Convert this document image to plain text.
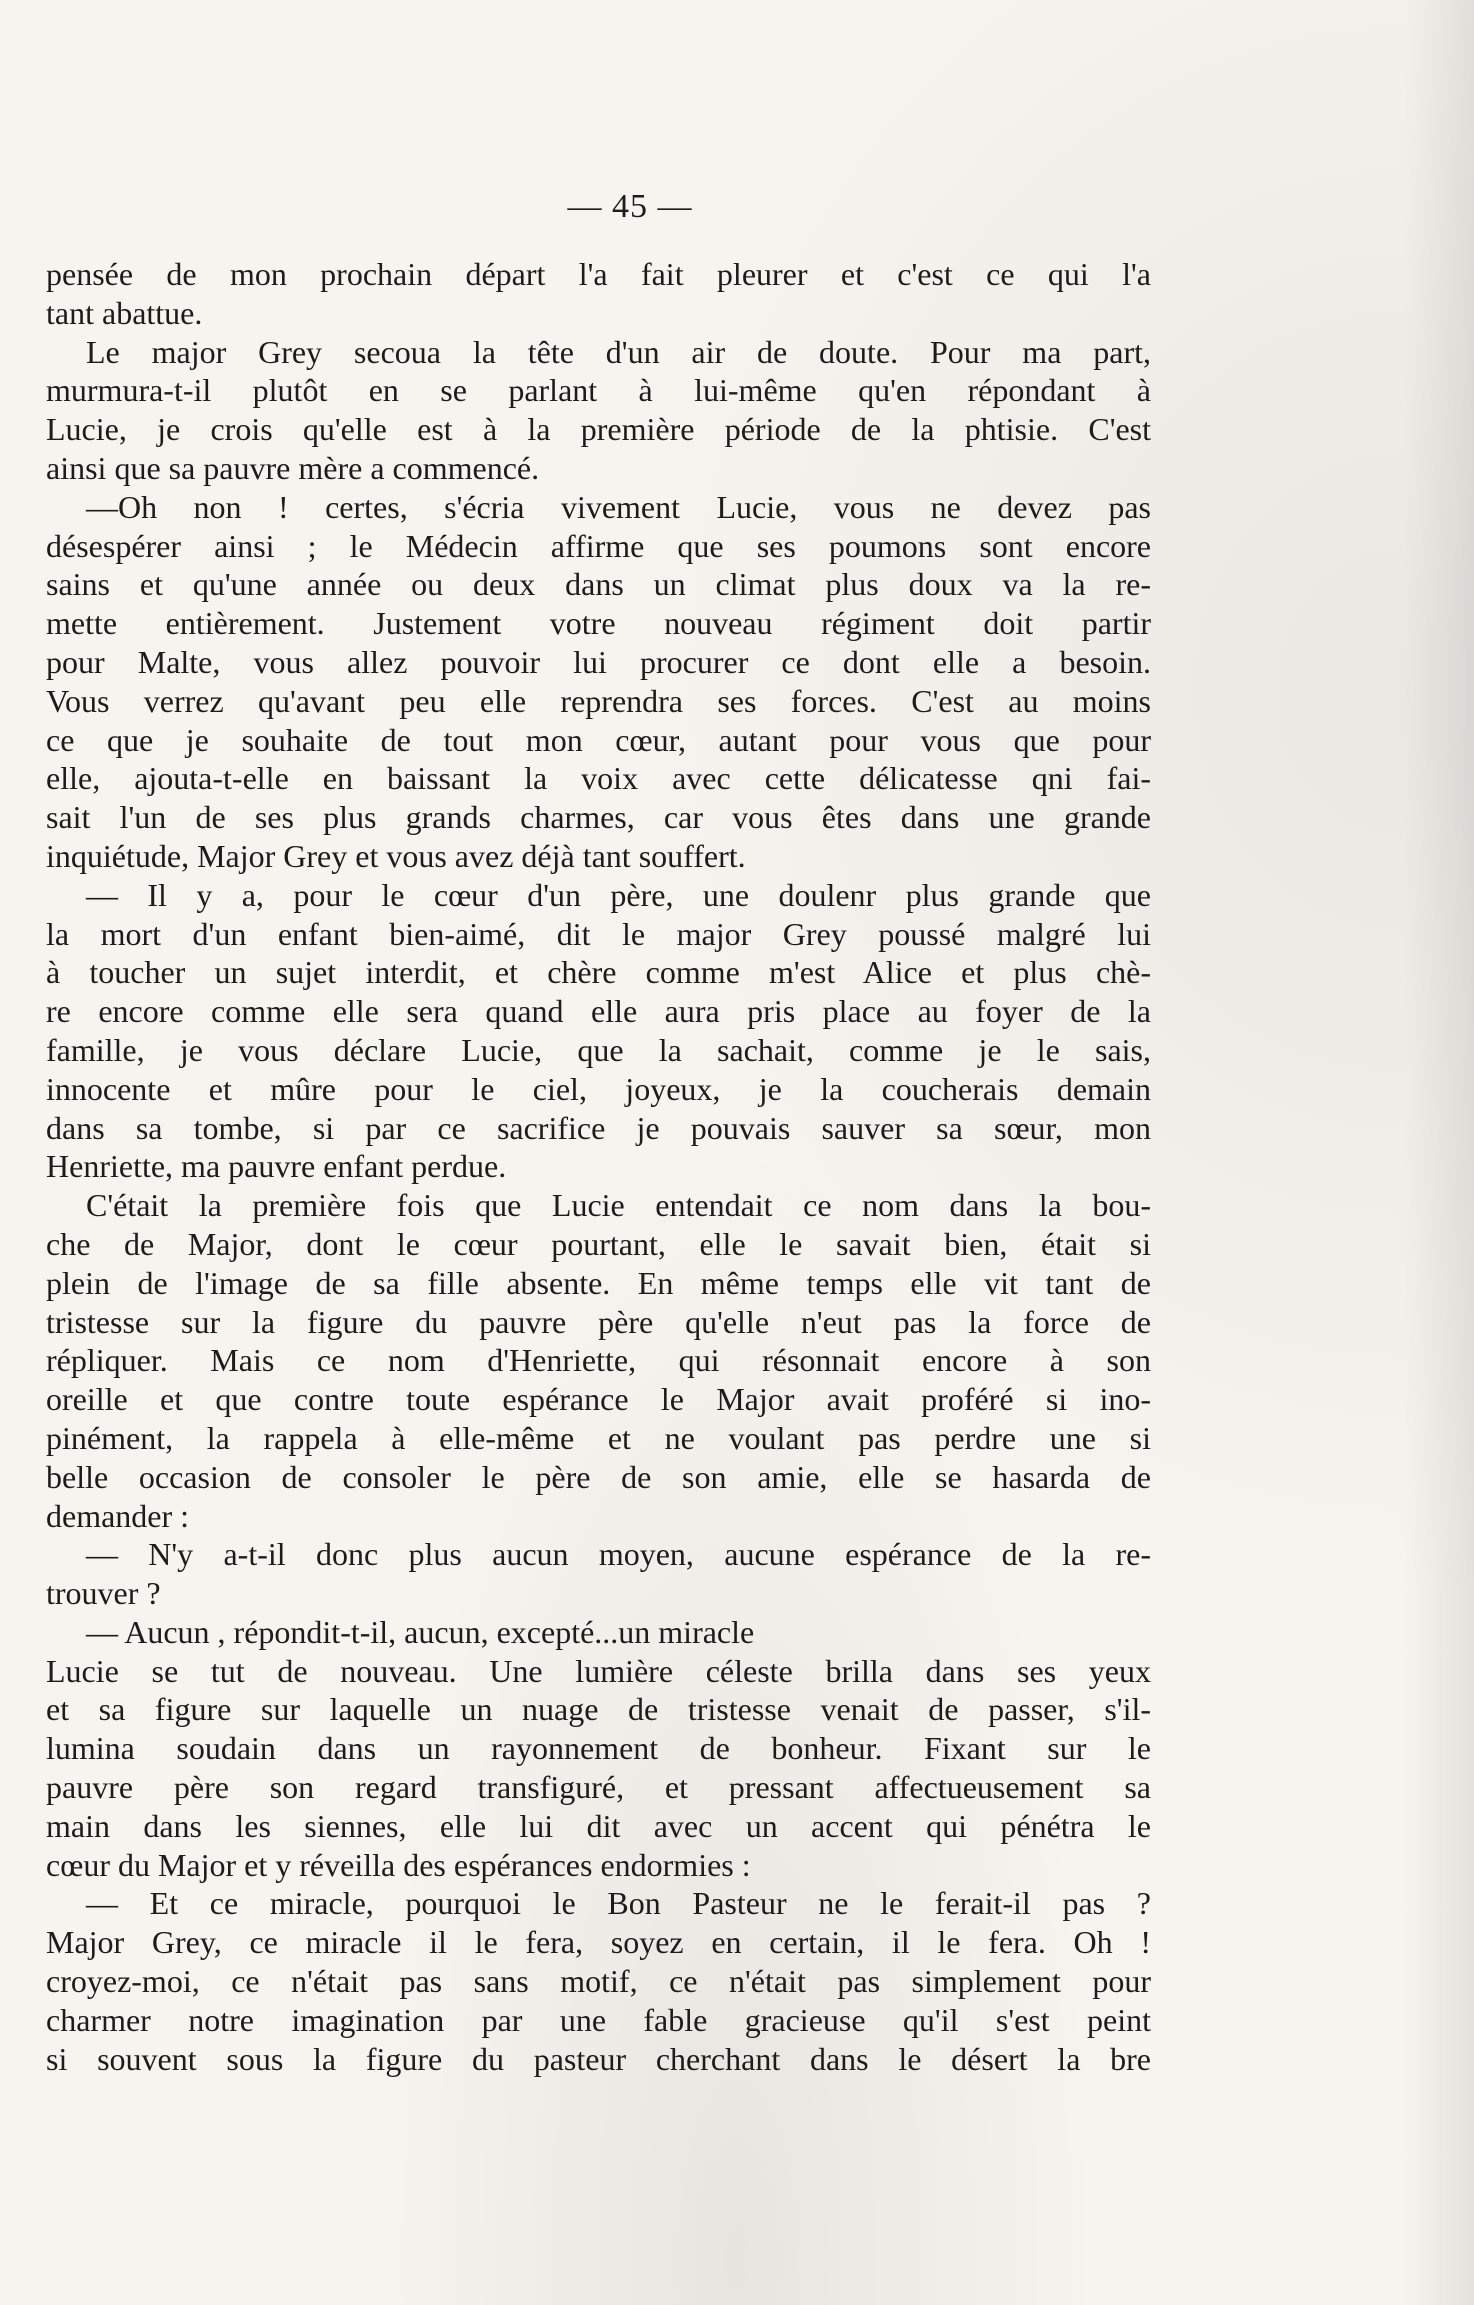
— 45 —
pensée de mon prochain départ l'a fait pleurer et c'est ce qui l'a
tant abattue.
Le major Grey secoua la tête d'un air de doute. Pour ma part,
murmura-t-il plutôt en se parlant à lui-même qu'en répondant à
Lucie, je crois qu'elle est à la première période de la phtisie. C'est
ainsi que sa pauvre mère a commencé.
—Oh non ! certes, s'écria vivement Lucie, vous ne devez pas
désespérer ainsi ; le Médecin affirme que ses poumons sont encore
sains et qu'une année ou deux dans un climat plus doux va la re-
mette entièrement. Justement votre nouveau régiment doit partir
pour Malte, vous allez pouvoir lui procurer ce dont elle a besoin.
Vous verrez qu'avant peu elle reprendra ses forces. C'est au moins
ce que je souhaite de tout mon cœur, autant pour vous que pour
elle, ajouta-t-elle en baissant la voix avec cette délicatesse qni fai-
sait l'un de ses plus grands charmes, car vous êtes dans une grande
inquiétude, Major Grey et vous avez déjà tant souffert.
— Il y a, pour le cœur d'un père, une doulenr plus grande que
la mort d'un enfant bien-aimé, dit le major Grey poussé malgré lui
à toucher un sujet interdit, et chère comme m'est Alice et plus chè-
re encore comme elle sera quand elle aura pris place au foyer de la
famille, je vous déclare Lucie, que la sachait, comme je le sais,
innocente et mûre pour le ciel, joyeux, je la coucherais demain
dans sa tombe, si par ce sacrifice je pouvais sauver sa sœur, mon
Henriette, ma pauvre enfant perdue.
C'était la première fois que Lucie entendait ce nom dans la bou-
che de Major, dont le cœur pourtant, elle le savait bien, était si
plein de l'image de sa fille absente. En même temps elle vit tant de
tristesse sur la figure du pauvre père qu'elle n'eut pas la force de
répliquer. Mais ce nom d'Henriette, qui résonnait encore à son
oreille et que contre toute espérance le Major avait proféré si ino-
pinément, la rappela à elle-même et ne voulant pas perdre une si
belle occasion de consoler le père de son amie, elle se hasarda de
demander :
— N'y a-t-il donc plus aucun moyen, aucune espérance de la re-
trouver ?
— Aucun , répondit-t-il, aucun, excepté...un miracle
Lucie se tut de nouveau. Une lumière céleste brilla dans ses yeux
et sa figure sur laquelle un nuage de tristesse venait de passer, s'il-
lumina soudain dans un rayonnement de bonheur. Fixant sur le
pauvre père son regard transfiguré, et pressant affectueusement sa
main dans les siennes, elle lui dit avec un accent qui pénétra le
cœur du Major et y réveilla des espérances endormies :
— Et ce miracle, pourquoi le Bon Pasteur ne le ferait-il pas ?
Major Grey, ce miracle il le fera, soyez en certain, il le fera. Oh !
croyez-moi, ce n'était pas sans motif, ce n'était pas simplement pour
charmer notre imagination par une fable gracieuse qu'il s'est peint
si souvent sous la figure du pasteur cherchant dans le désert la bre
